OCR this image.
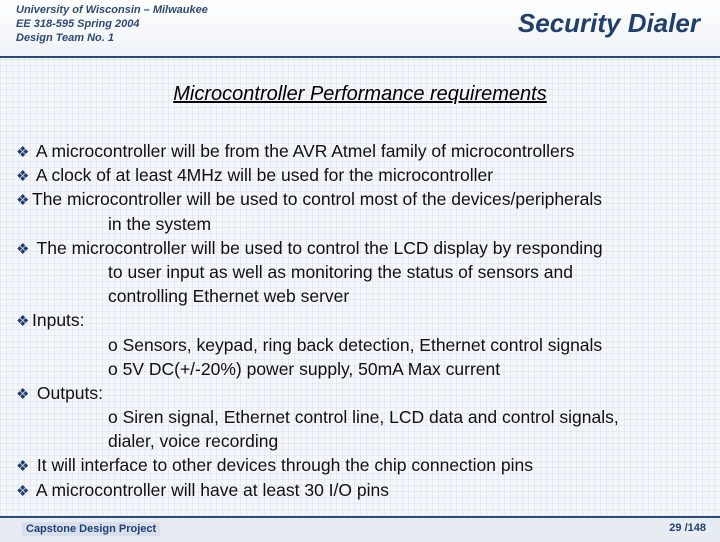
University of Wisconsin – Milwaukee
EE 318-595 Spring 2004
Design Team No. 1	Security Dialer
Microcontroller Performance requirements
❖ A microcontroller will be from the AVR Atmel family of microcontrollers
❖ A clock of at least 4MHz will be used for the microcontroller
❖ The microcontroller will be used to control most of the devices/peripherals
in the system
❖ The microcontroller will be used to control the LCD display by responding
to user input as well as monitoring the status of sensors and
controlling Ethernet web server
❖ Inputs:
o Sensors, keypad, ring back detection, Ethernet control signals
o 5V DC(+/-20%) power supply, 50mA Max current
❖ Outputs:
o Siren signal, Ethernet control line, LCD data and control signals,
dialer, voice recording
❖ It will interface to other devices through the chip connection pins
❖ A microcontroller will have at least 30 I/O pins
Capstone Design Project	29 /148
